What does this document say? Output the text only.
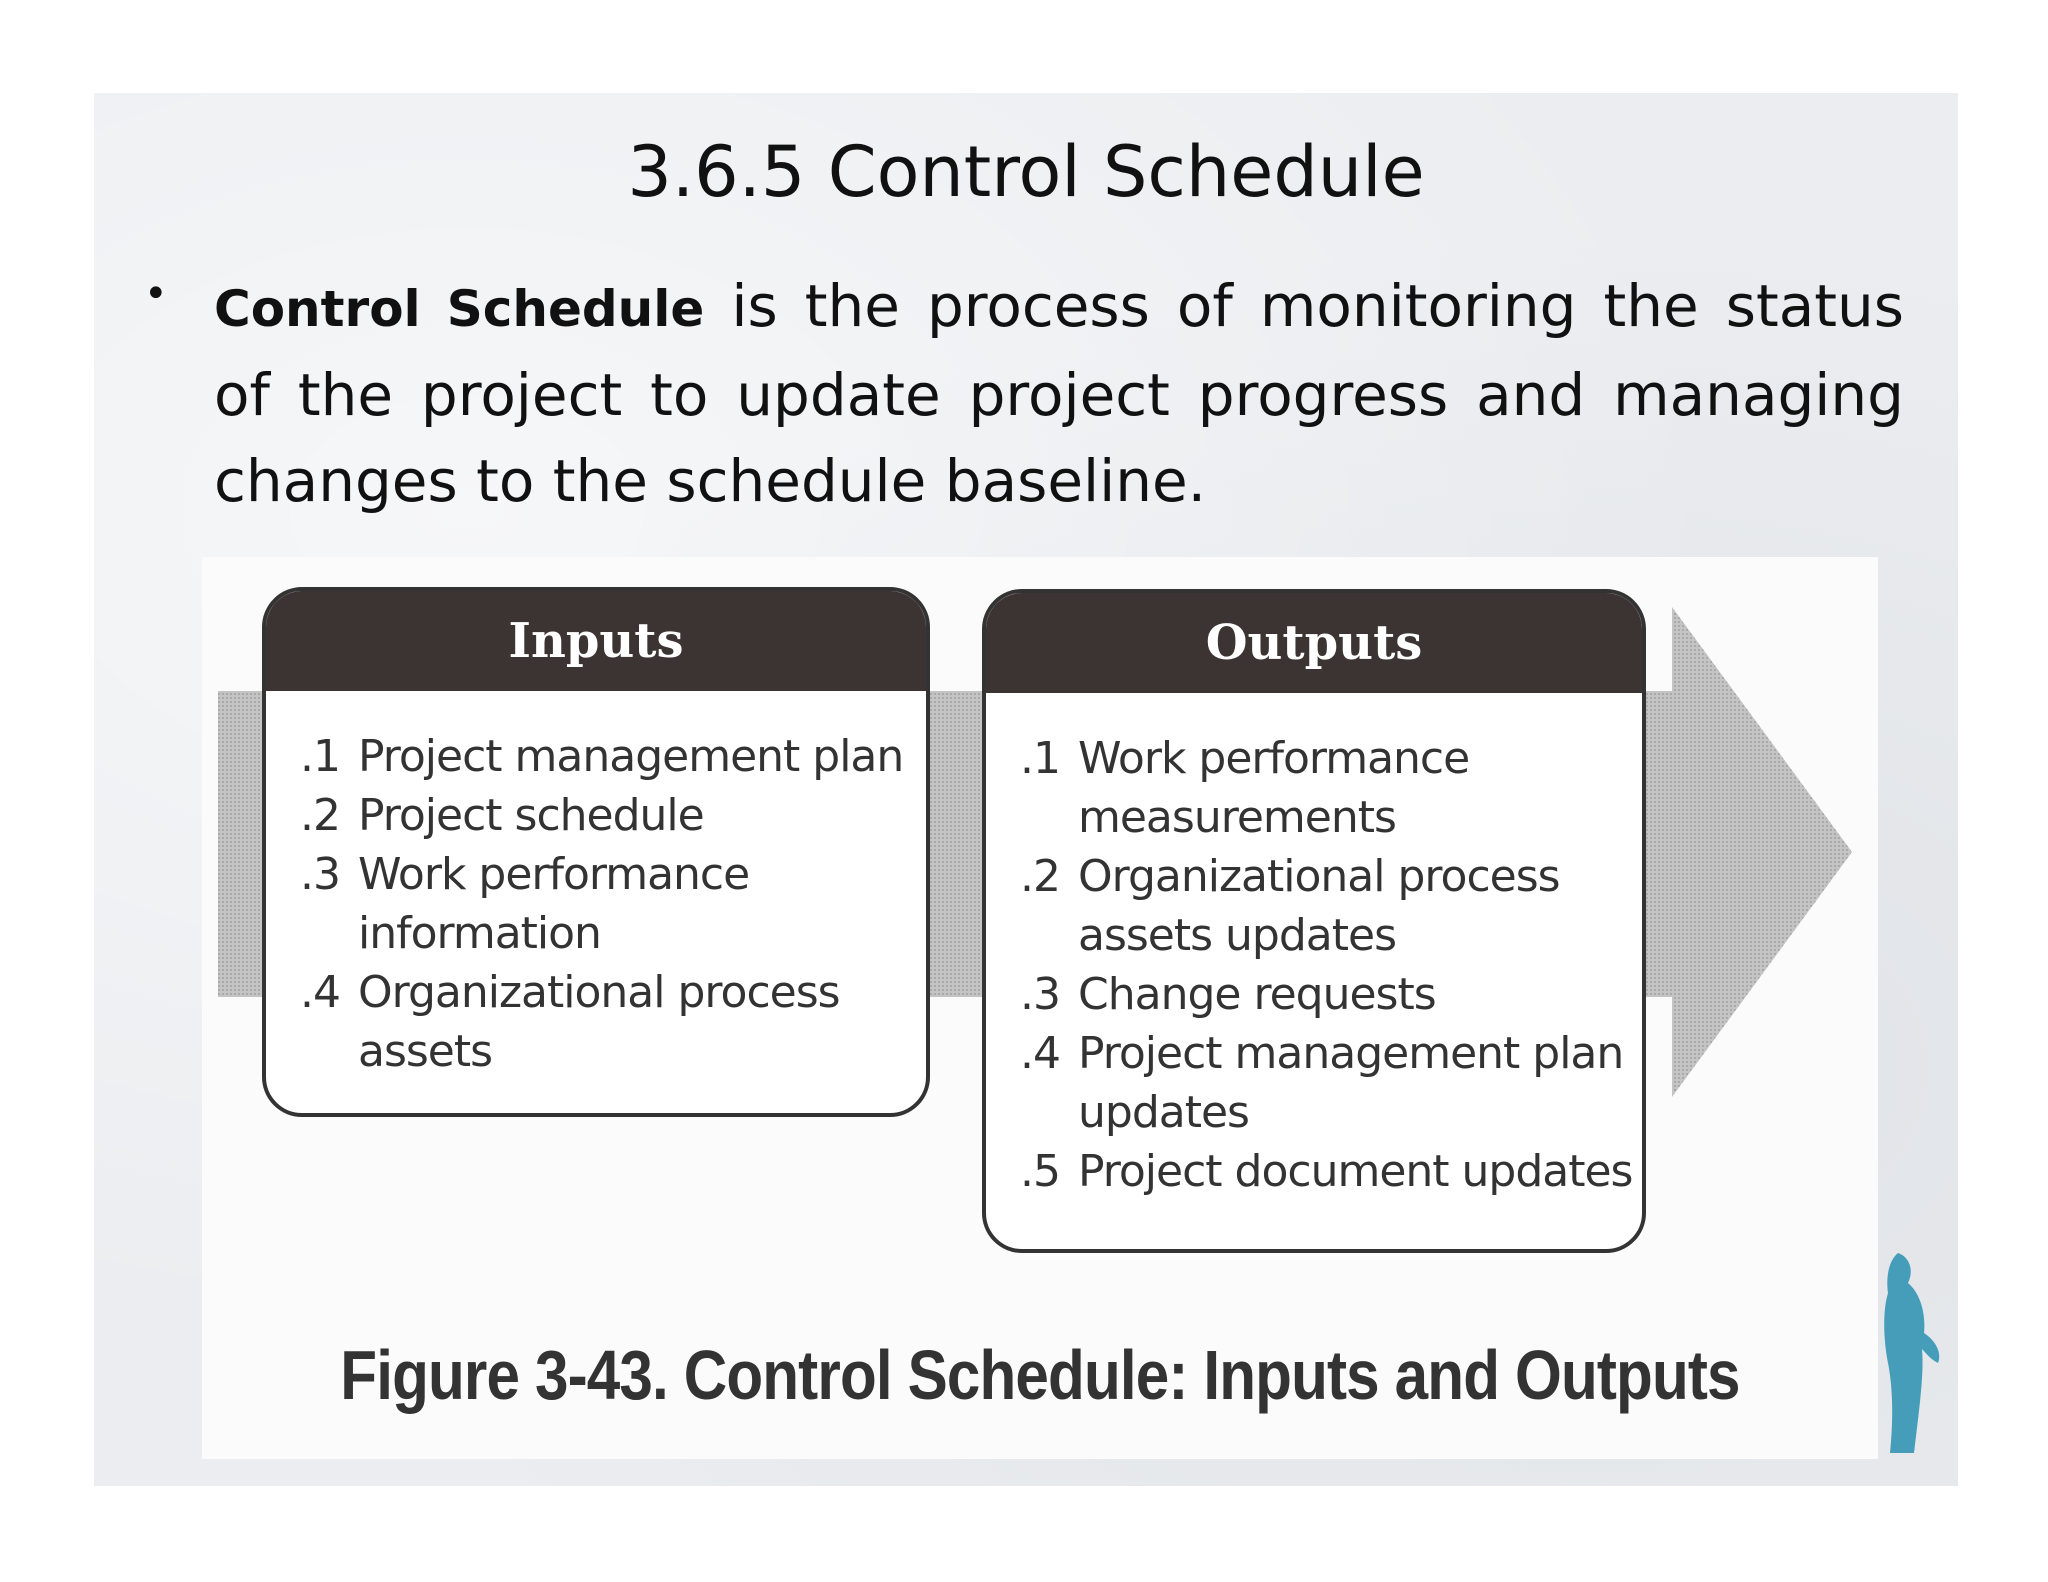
3.6.5 Control Schedule
• Control Schedule is the process of monitoring the status of the project to update project progress and managing changes to the schedule baseline.

Inputs
.1 Project management plan
.2 Project schedule
.3 Work performance information
.4 Organizational process assets
Outputs
.1 Work performance measurements
.2 Organizational process assets updates
.3 Change requests
.4 Project management plan updates
.5 Project document updates

Figure 3-43. Control Schedule: Inputs and Outputs
